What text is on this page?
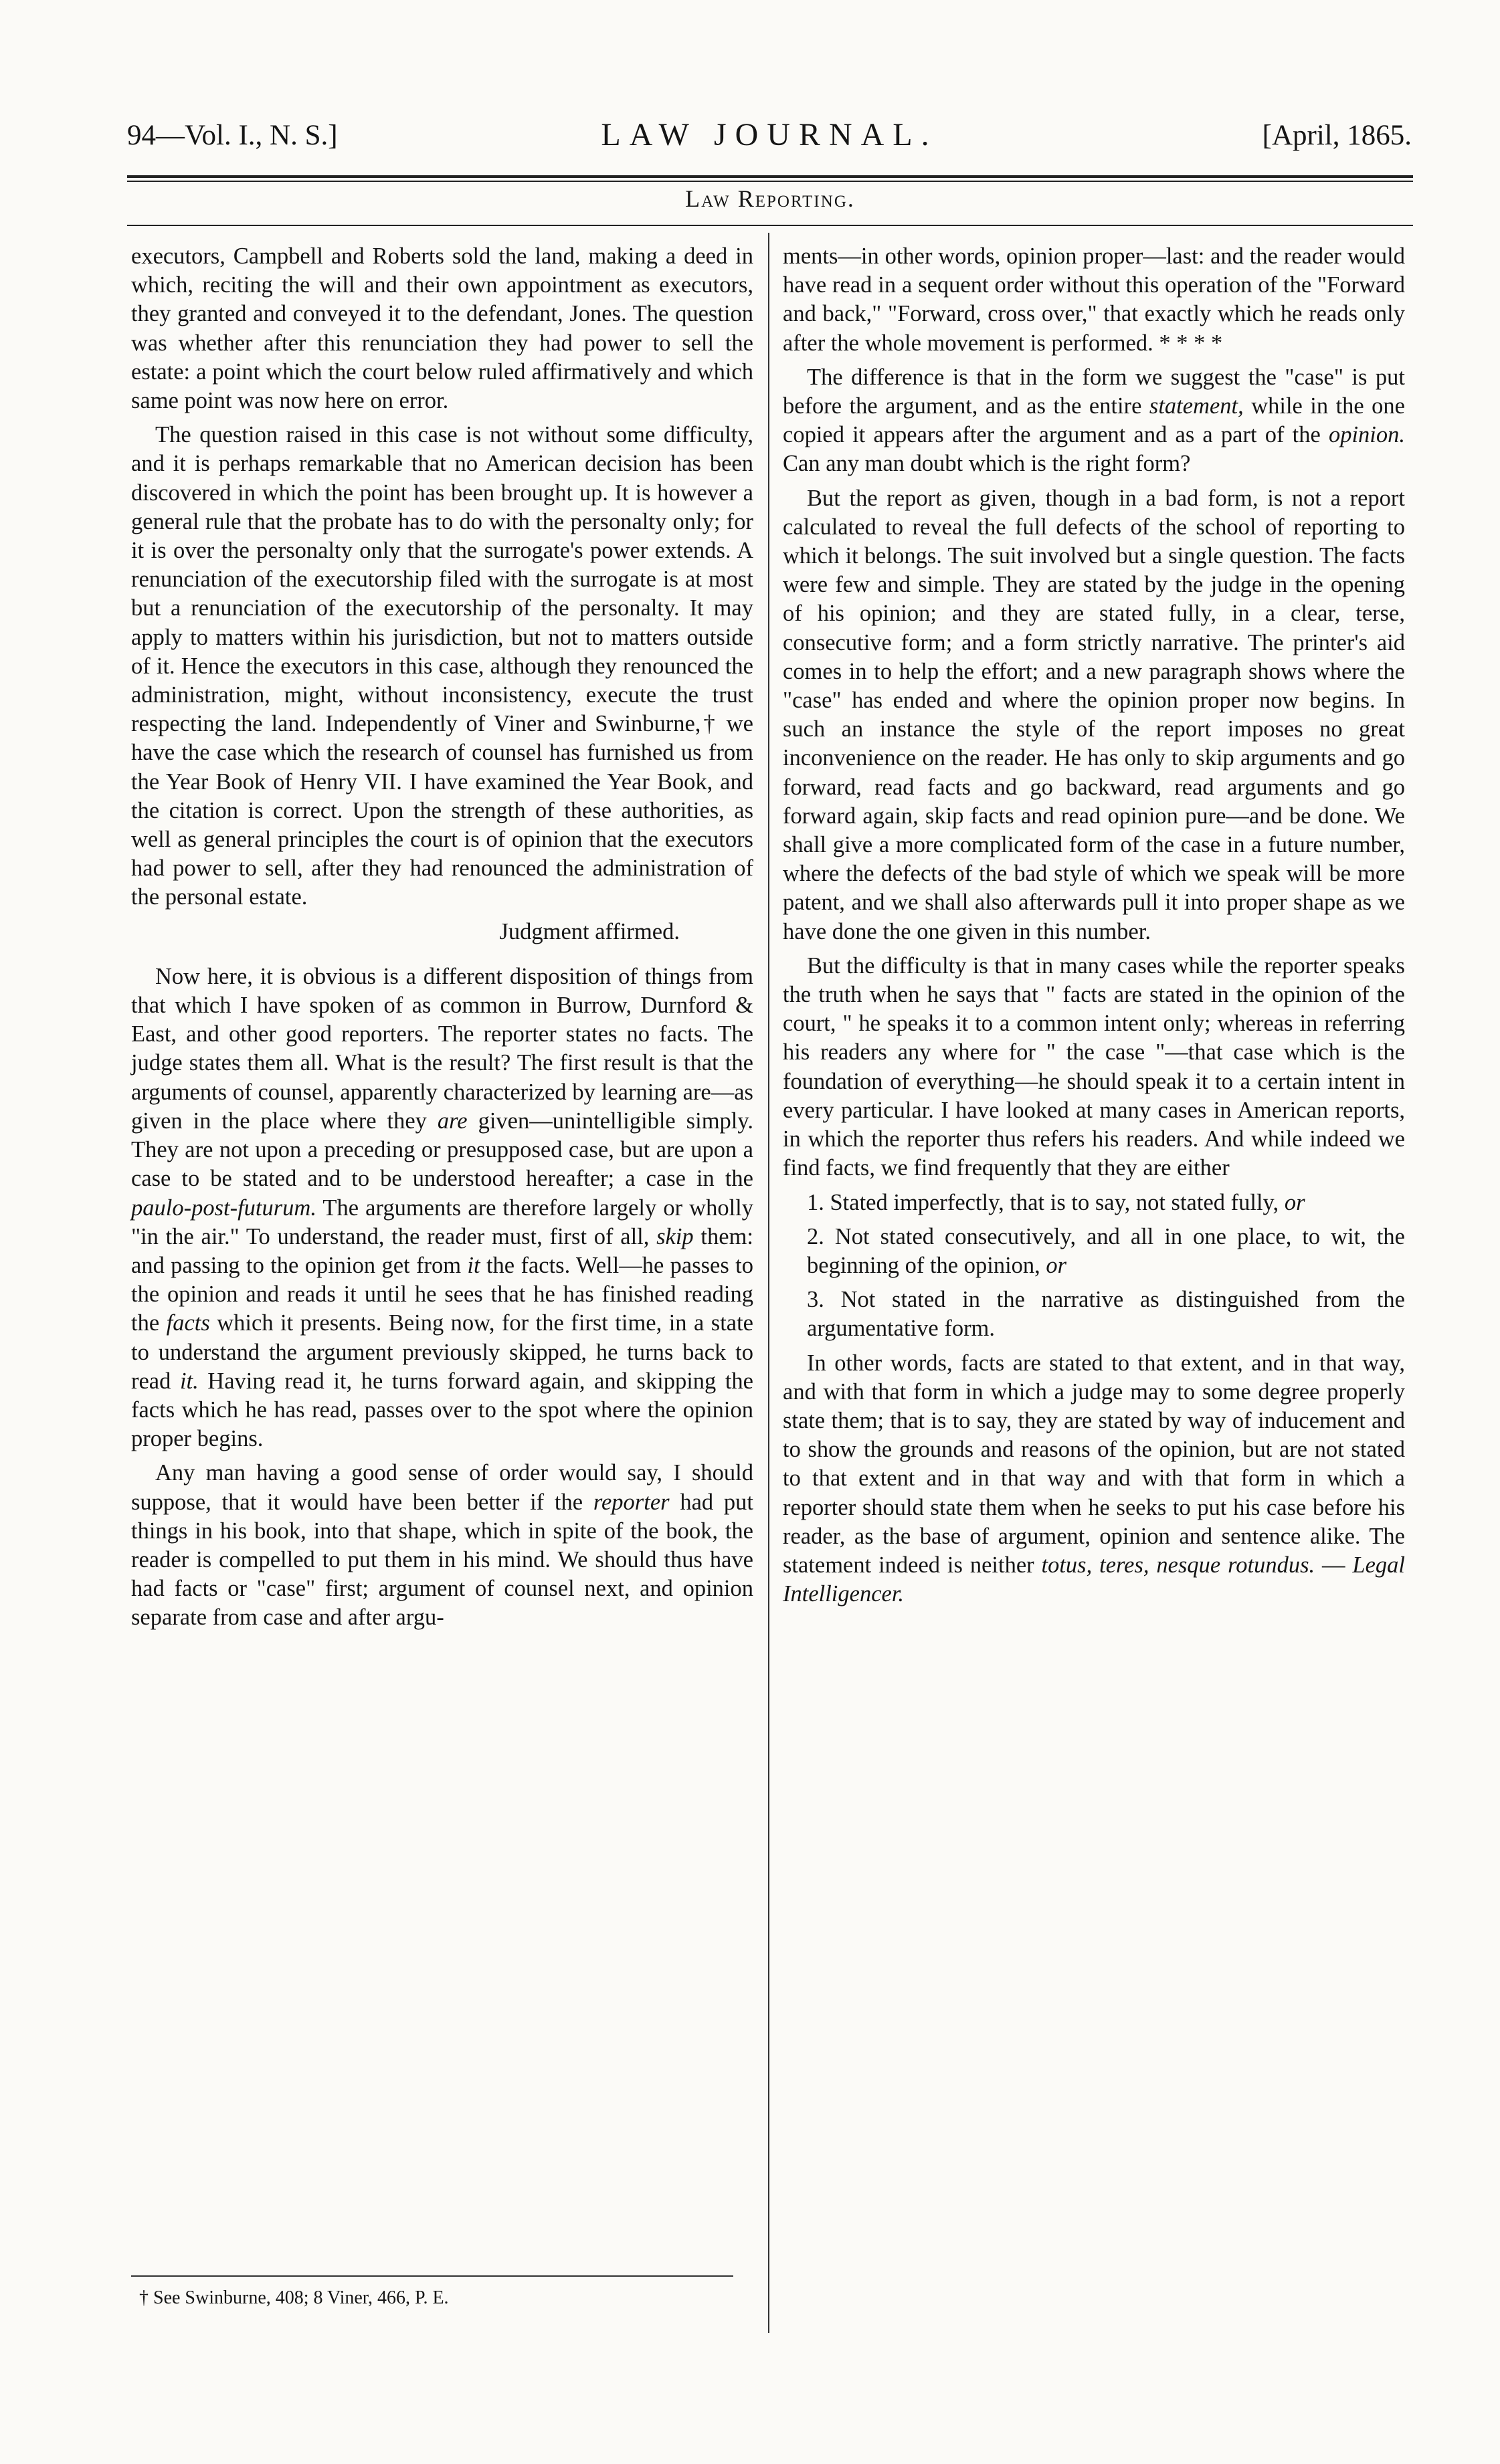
94—Vol. I., N. S.]	LAW JOURNAL.	[April, 1865.
Law Reporting.

executors, Campbell and Roberts sold the land, making a deed in which, reciting the will and their own appointment as executors, they granted and conveyed it to the defendant, Jones. The question was whether after this renunciation they had power to sell the estate: a point which the court below ruled affirmatively and which same point was now here on error.

The question raised in this case is not without some difficulty, and it is perhaps remarkable that no American decision has been discovered in which the point has been brought up. It is however a general rule that the probate has to do with the personalty only; for it is over the personalty only that the surrogate's power extends. A renunciation of the executorship filed with the surrogate is at most but a renunciation of the executorship of the personalty. It may apply to matters within his jurisdiction, but not to matters outside of it. Hence the executors in this case, although they renounced the administration, might, without inconsistency, execute the trust respecting the land. Independently of Viner and Swinburne,† we have the case which the research of counsel has furnished us from the Year Book of Henry VII. I have examined the Year Book, and the citation is correct. Upon the strength of these authorities, as well as general principles the court is of opinion that the executors had power to sell, after they had renounced the administration of the personal estate.

Judgment affirmed.

Now here, it is obvious is a different disposition of things from that which I have spoken of as common in Burrow, Durnford & East, and other good reporters. The reporter states no facts. The judge states them all. What is the result? The first result is that the arguments of counsel, apparently characterized by learning are—as given in the place where they are given—unintelligible simply. They are not upon a preceding or presupposed case, but are upon a case to be stated and to be understood hereafter; a case in the paulo-post-futurum. The arguments are therefore largely or wholly "in the air." To understand, the reader must, first of all, skip them: and passing to the opinion get from it the facts. Well—he passes to the opinion and reads it until he sees that he has finished reading the facts which it presents. Being now, for the first time, in a state to understand the argument previously skipped, he turns back to read it. Having read it, he turns forward again, and skipping the facts which he has read, passes over to the spot where the opinion proper begins.

Any man having a good sense of order would say, I should suppose, that it would have been better if the reporter had put things in his book, into that shape, which in spite of the book, the reader is compelled to put them in his mind. We should thus have had facts or "case" first; argument of counsel next, and opinion separate from case and after argu-

† See Swinburne, 408; 8 Viner, 466, P. E.

ments—in other words, opinion proper—last: and the reader would have read in a sequent order without this operation of the "Forward and back," "Forward, cross over," that exactly which he reads only after the whole movement is performed. * * * *

The difference is that in the form we suggest the "case" is put before the argument, and as the entire statement, while in the one copied it appears after the argument and as a part of the opinion. Can any man doubt which is the right form?

But the report as given, though in a bad form, is not a report calculated to reveal the full defects of the school of reporting to which it belongs. The suit involved but a single question. The facts were few and simple. They are stated by the judge in the opening of his opinion; and they are stated fully, in a clear, terse, consecutive form; and a form strictly narrative. The printer's aid comes in to help the effort; and a new paragraph shows where the "case" has ended and where the opinion proper now begins. In such an instance the style of the report imposes no great inconvenience on the reader. He has only to skip arguments and go forward, read facts and go backward, read arguments and go forward again, skip facts and read opinion pure—and be done. We shall give a more complicated form of the case in a future number, where the defects of the bad style of which we speak will be more patent, and we shall also afterwards pull it into proper shape as we have done the one given in this number.

But the difficulty is that in many cases while the reporter speaks the truth when he says that " facts are stated in the opinion of the court, " he speaks it to a common intent only; whereas in referring his readers any where for " the case "—that case which is the foundation of everything—he should speak it to a certain intent in every particular. I have looked at many cases in American reports, in which the reporter thus refers his readers. And while indeed we find facts, we find frequently that they are either

1. Stated imperfectly, that is to say, not stated fully, or

2. Not stated consecutively, and all in one place, to wit, the beginning of the opinion, or

3. Not stated in the narrative as distinguished from the argumentative form.

In other words, facts are stated to that extent, and in that way, and with that form in which a judge may to some degree properly state them; that is to say, they are stated by way of inducement and to show the grounds and reasons of the opinion, but are not stated to that extent and in that way and with that form in which a reporter should state them when he seeks to put his case before his reader, as the base of argument, opinion and sentence alike. The statement indeed is neither totus, teres, nesque rotundus. — Legal Intelligencer.
